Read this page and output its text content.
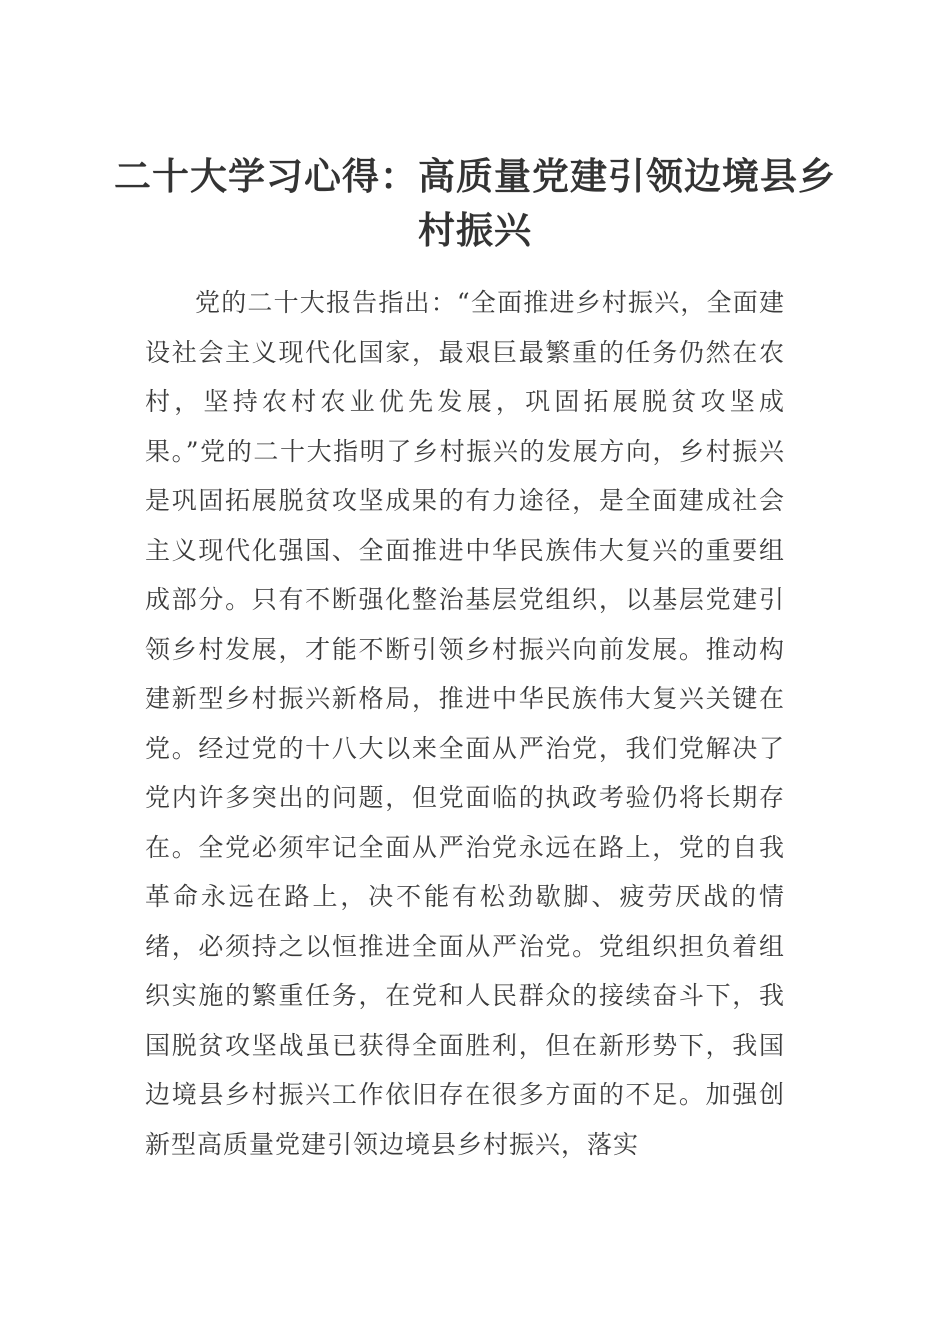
二十大学习心得：高质量党建引领边境县乡村振兴

党的二十大报告指出：“全面推进乡村振兴，全面建设社会主义现代化国家，最艰巨最繁重的任务仍然在农村，坚持农村农业优先发展，巩固拓展脱贫攻坚成果。”党的二十大指明了乡村振兴的发展方向，乡村振兴是巩固拓展脱贫攻坚成果的有力途径，是全面建成社会主义现代化强国、全面推进中华民族伟大复兴的重要组成部分。只有不断强化整治基层党组织，以基层党建引领乡村发展，才能不断引领乡村振兴向前发展。推动构建新型乡村振兴新格局，推进中华民族伟大复兴关键在党。经过党的十八大以来全面从严治党，我们党解决了党内许多突出的问题，但党面临的执政考验仍将长期存在。全党必须牢记全面从严治党永远在路上，党的自我革命永远在路上，决不能有松劲歇脚、疲劳厌战的情绪，必须持之以恒推进全面从严治党。党组织担负着组织实施的繁重任务，在党和人民群众的接续奋斗下，我国脱贫攻坚战虽已获得全面胜利，但在新形势下，我国边境县乡村振兴工作依旧存在很多方面的不足。加强创新型高质量党建引领边境县乡村振兴，落实
